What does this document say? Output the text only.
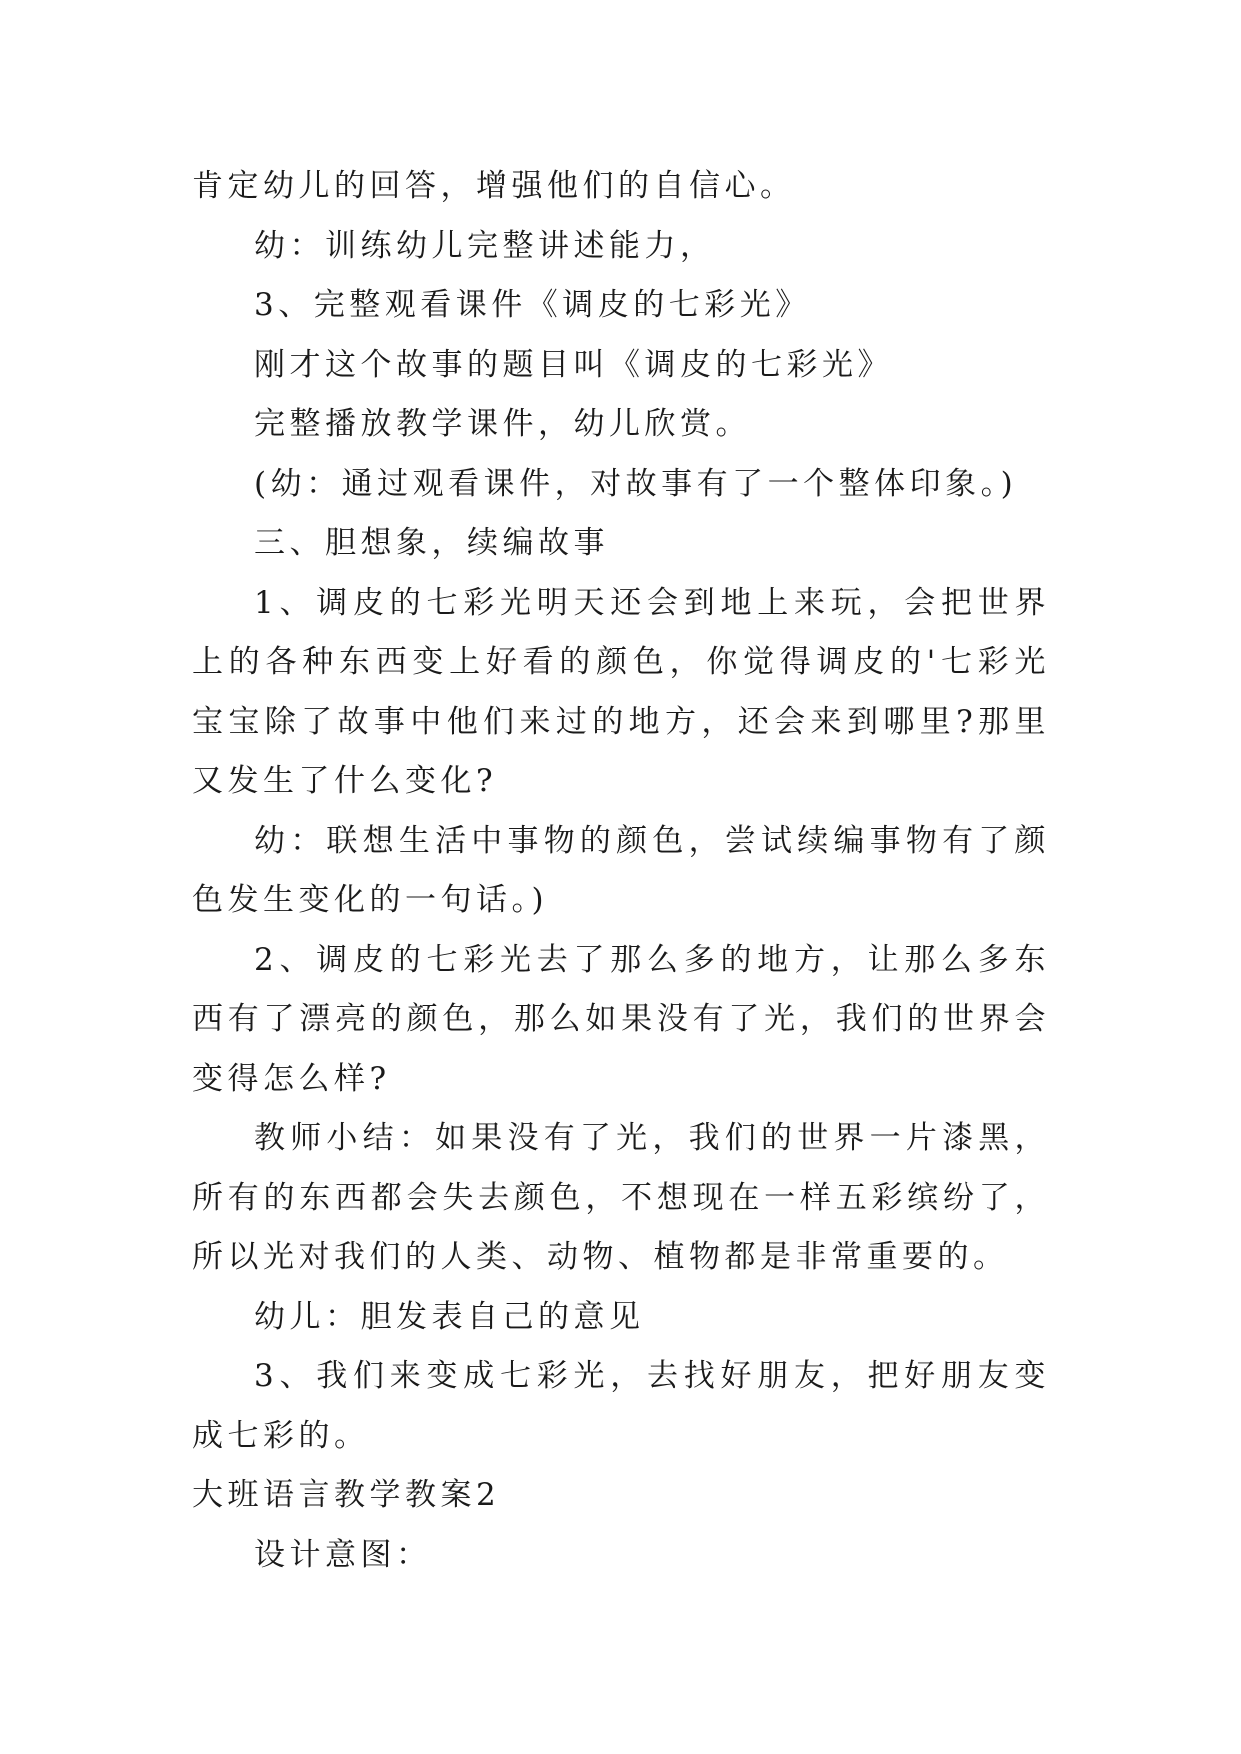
肯定幼儿的回答，增强他们的自信心。

幼：训练幼儿完整讲述能力，

3、完整观看课件《调皮的七彩光》

刚才这个故事的题目叫《调皮的七彩光》

完整播放教学课件，幼儿欣赏。

(幼：通过观看课件，对故事有了一个整体印象。)

三、胆想象，续编故事

1、调皮的七彩光明天还会到地上来玩，会把世界上的各种东西变上好看的颜色，你觉得调皮的'七彩光宝宝除了故事中他们来过的地方，还会来到哪里?那里又发生了什么变化?

幼：联想生活中事物的颜色，尝试续编事物有了颜色发生变化的一句话。)

2、调皮的七彩光去了那么多的地方，让那么多东西有了漂亮的颜色，那么如果没有了光，我们的世界会变得怎么样?

教师小结：如果没有了光，我们的世界一片漆黑，所有的东西都会失去颜色，不想现在一样五彩缤纷了，所以光对我们的人类、动物、植物都是非常重要的。

幼儿：胆发表自己的意见

3、我们来变成七彩光，去找好朋友，把好朋友变成七彩的。

大班语言教学教案2

设计意图：
